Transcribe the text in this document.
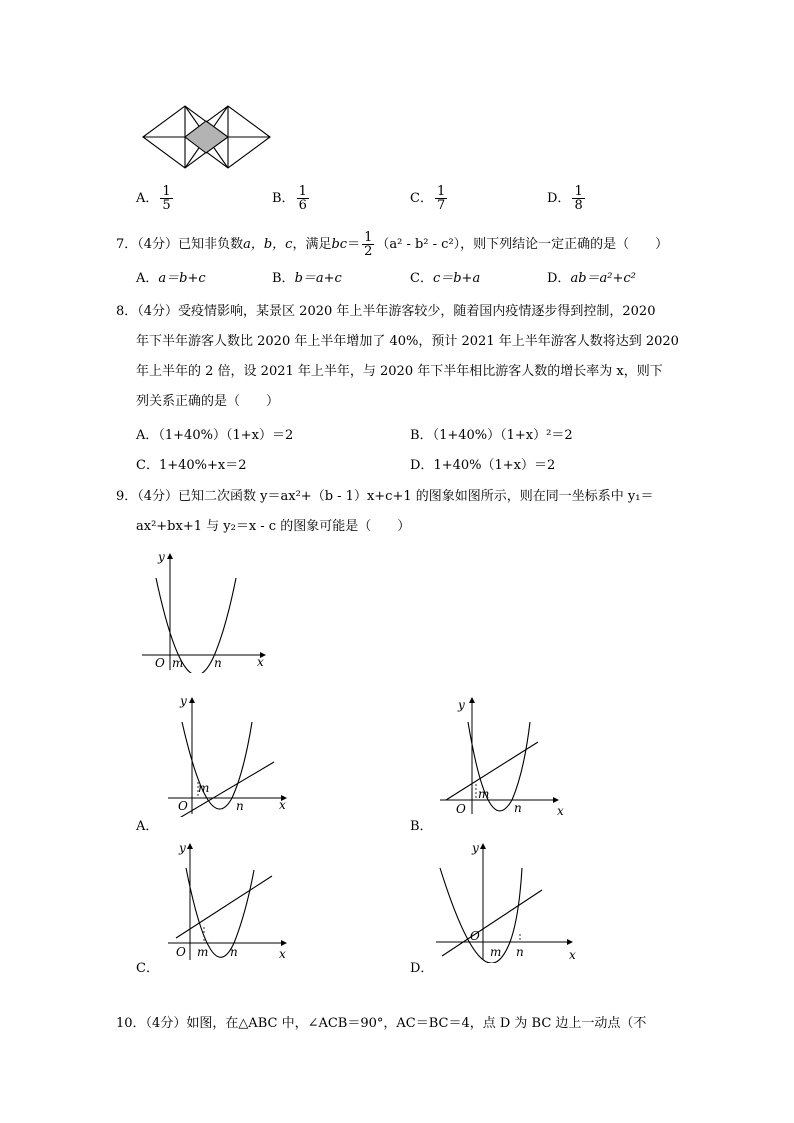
A． $\frac{1}{5}$	B． $\frac{1}{6}$	C． $\frac{1}{7}$	D． $\frac{1}{8}$
7．（4分）已知非负数a，b，c，满足$bc= \frac{1}{2} (a^2 - b^2 - c^2)$，则下列结论一定正确的是（　　）
A．a＝b+c	B．b＝a+c	C．c＝b+a	D．ab＝a²+c²
8．（4分）受疫情影响，某景区 2020 年上半年游客较少，随着国内疫情逐步得到控制，2020
年下半年游客人数比 2020 年上半年增加了 40%，预计 2021 年上半年游客人数将达到 2020
年上半年的 2 倍，设 2021 年上半年，与 2020 年下半年相比游客人数的增长率为 x，则下
列关系正确的是（　　）
A．（1+40%）（1+x）＝2	B．（1+40%）（1+x）²＝2
C．1+40%+x＝2	D．1+40%（1+x）＝2
9．（4分）已知二次函数 y＝ax²+（b - 1）x+c+1 的图象如图所示，则在同一坐标系中 y₁＝
ax²+bx+1 与 y₂＝x - c 的图象可能是（　　）
y
x
O m	n
y
x
O
m
n
A．
y
x
O
m
n
B．
y
x
O m n
C．
y
x
O
m n
D．
10．（4分）如图，在△ABC 中，∠ACB＝90°，AC＝BC＝4，点 D 为 BC 边上一动点（不
